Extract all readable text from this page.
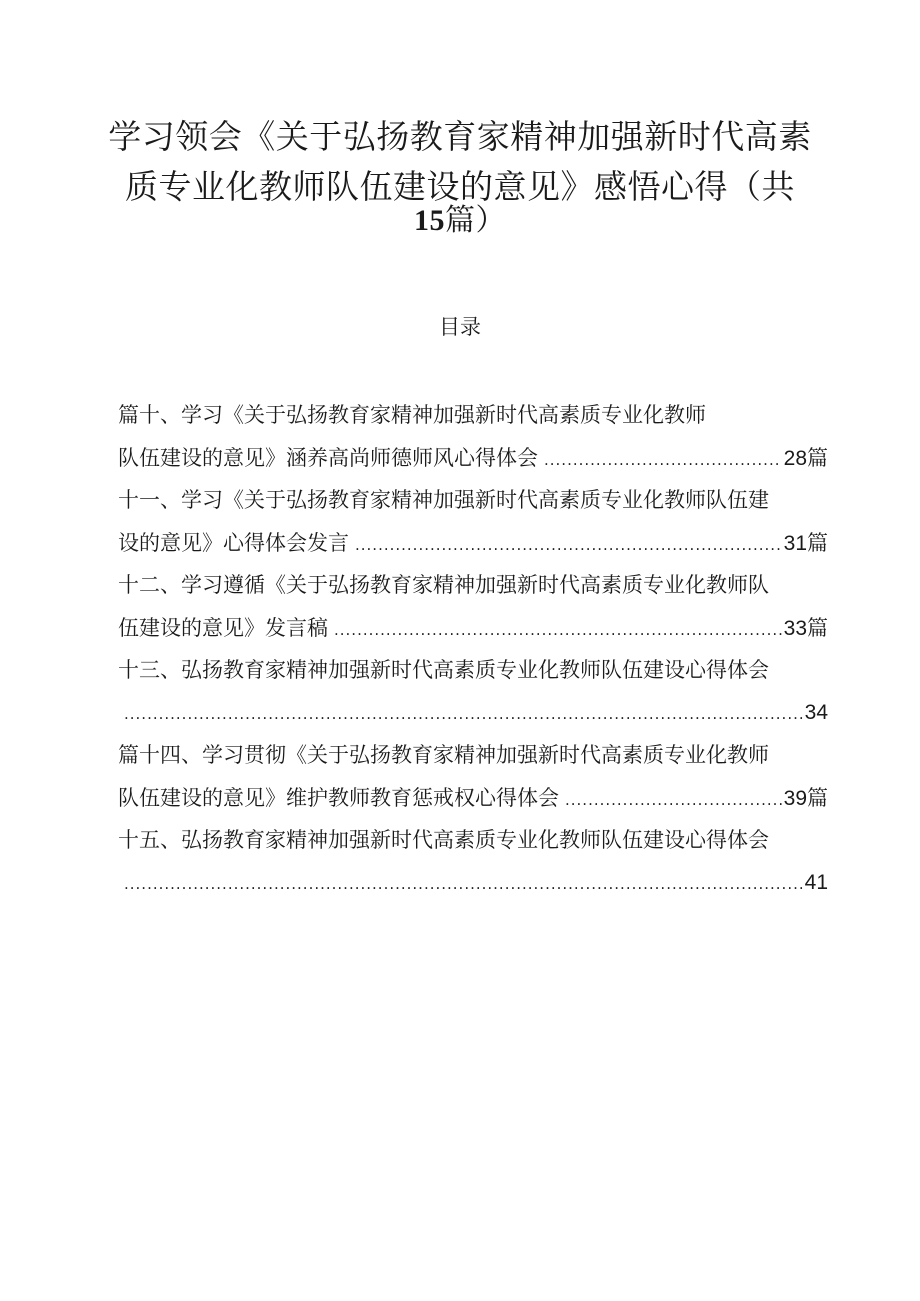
学习领会《关于弘扬教育家精神加强新时代高素
质专业化教师队伍建设的意见》感悟心得（共
15篇）
目录
篇十、学习《关于弘扬教育家精神加强新时代高素质专业化教师
队伍建设的意见》涵养高尚师德师风心得体会 .....	28篇
十一、学习《关于弘扬教育家精神加强新时代高素质专业化教师队伍建
设的意见》心得体会发言 .....	31篇
十二、学习遵循《关于弘扬教育家精神加强新时代高素质专业化教师队
伍建设的意见》发言稿 .....	33篇
十三、弘扬教育家精神加强新时代高素质专业化教师队伍建设心得体会
.....
34
篇十四、学习贯彻《关于弘扬教育家精神加强新时代高素质专业化教师
队伍建设的意见》维护教师教育惩戒权心得体会 .....	39篇
十五、弘扬教育家精神加强新时代高素质专业化教师队伍建设心得体会
.....
41
